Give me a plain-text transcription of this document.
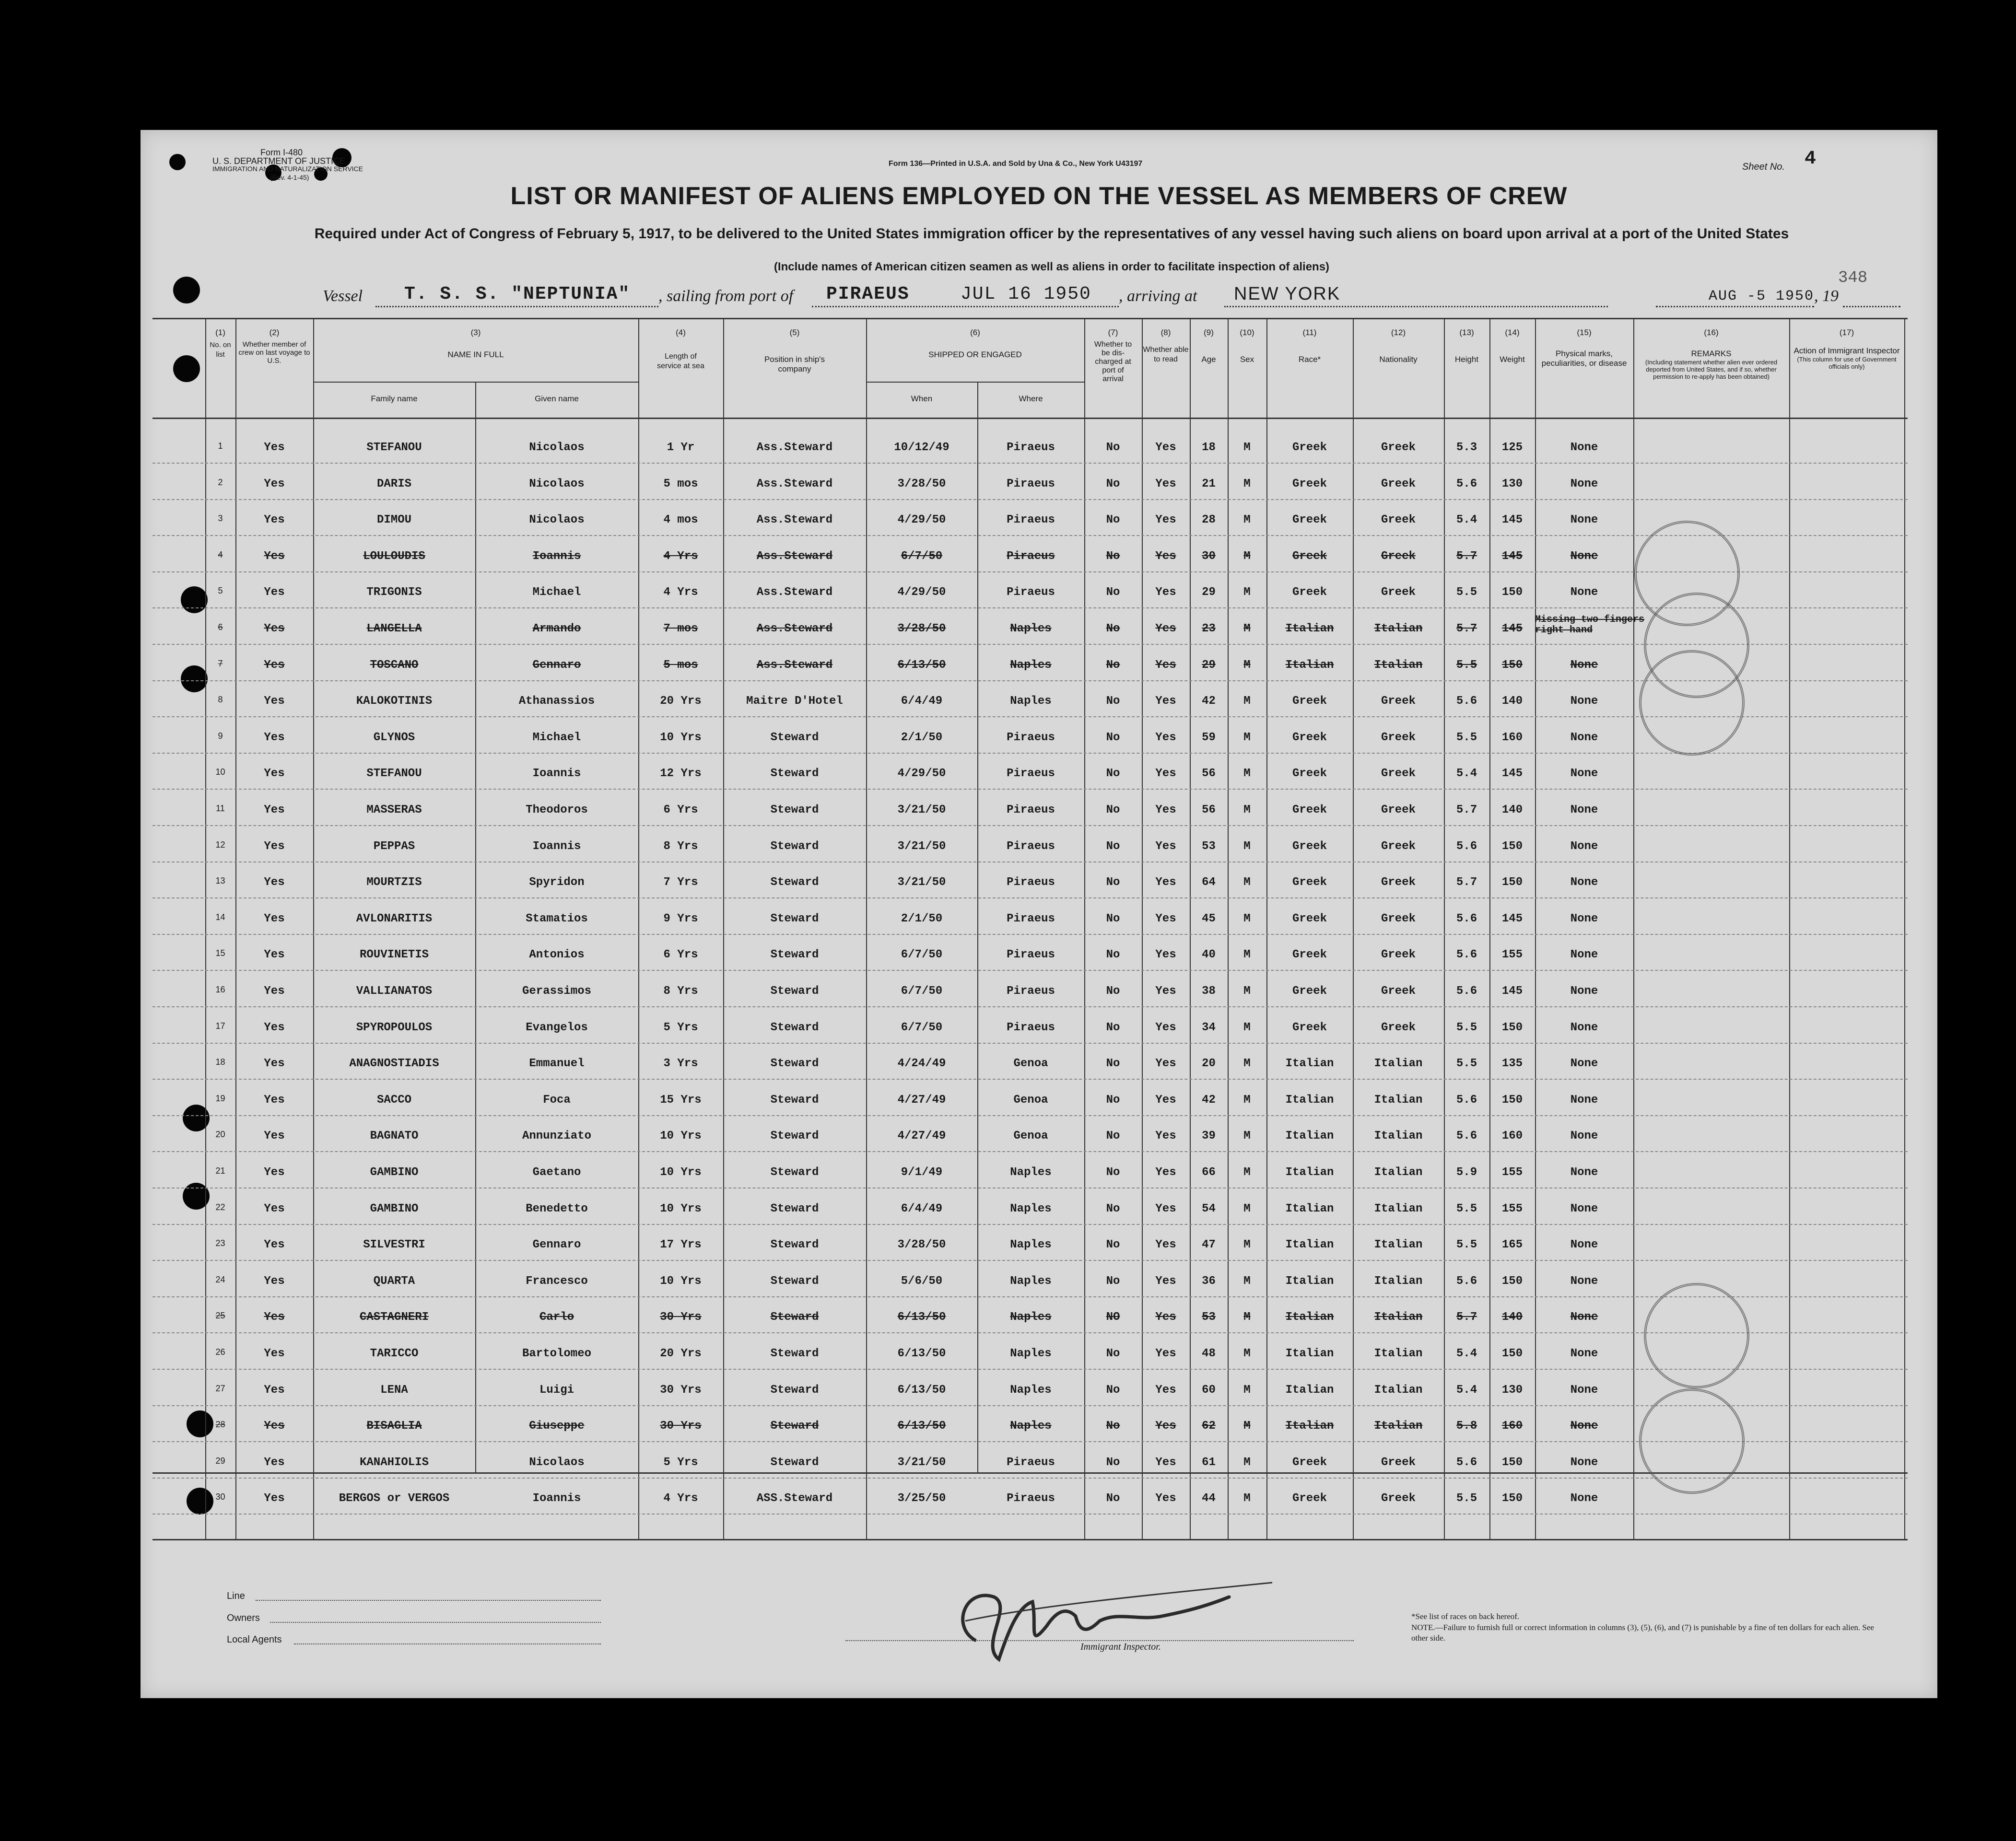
Form I-480
U. S. DEPARTMENT OF JUSTICE
IMMIGRATION AND NATURALIZATION SERVICE
(Rev. 4-1-45)
Form 136—Printed in U.S.A. and Sold by Una & Co., New York U43197	Sheet No. 4
348
LIST OR MANIFEST OF ALIENS EMPLOYED ON THE VESSEL AS MEMBERS OF CREW
Required under Act of Congress of February 5, 1917, to be delivered to the United States immigration officer by the representatives of any vessel having such aliens on board upon arrival at a port of the United States
(Include names of American citizen seamen as well as aliens in order to facilitate inspection of aliens)
Vessel T. S. S. "NEPTUNIA" , sailing from port of PIRAEUS	JUL 16 1950 , arriving at NEW YORK	AUG -5 1950 , 19
(1)
No. on list
(2)
Whether member of crew on last voyage to U.S.
(3)
NAME IN FULL
Family name	Given name
(4)
Length of service at sea
(5)
Position in ship's company
(6)
SHIPPED OR ENGAGED
When	Where
(7)
Whether to be dis-charged at port of arrival
(8)
Whether able to read
(9)
Age
(10)
Sex
(11)
Race*
(12)
Nationality
(13)
Height
(14)
Weight
(15)
Physical marks, peculiarities, or disease
(16)
REMARKS
(Including statement whether alien ever ordered deported from United States, and if so, whether permission to re-apply has been obtained)
(17)
Action of Immigrant Inspector
(This column for use of Government officials only)
1	Yes	STEFANOU	Nicolaos	1 Yr	Ass.Steward	10/12/49	Piraeus	No	Yes	18	M	Greek	Greek	5.3	125	None
2	Yes	DARIS	Nicolaos	5 mos	Ass.Steward	3/28/50	Piraeus	No	Yes	21	M	Greek	Greek	5.6	130	None
3	Yes	DIMOU	Nicolaos	4 mos	Ass.Steward	4/29/50	Piraeus	No	Yes	28	M	Greek	Greek	5.4	145	None
4	Yes	LOULOUDIS	Ioannis	4 Yrs	Ass.Steward	6/7/50	Piraeus	No	Yes	30	M	Greek	Greek	5.7	145	None
5	Yes	TRIGONIS	Michael	4 Yrs	Ass.Steward	4/29/50	Piraeus	No	Yes	29	M	Greek	Greek	5.5	150	None
6	Yes	LANGELLA	Armando	7 mos	Ass.Steward	3/28/50	Naples	No	Yes	23	M	Italian	Italian	5.7	145
Missing two fingers right hand
7	Yes	TOSCANO	Gennaro	5 mos	Ass.Steward	6/13/50	Naples	No	Yes	29	M	Italian	Italian	5.5	150	None
8	Yes	KALOKOTINIS	Athanassios	20 Yrs	Maitre D'Hotel	6/4/49	Naples	No	Yes	42	M	Greek	Greek	5.6	140	None
9	Yes	GLYNOS	Michael	10 Yrs	Steward	2/1/50	Piraeus	No	Yes	59	M	Greek	Greek	5.5	160	None
10	Yes	STEFANOU	Ioannis	12 Yrs	Steward	4/29/50	Piraeus	No	Yes	56	M	Greek	Greek	5.4	145	None
11	Yes	MASSERAS	Theodoros	6 Yrs	Steward	3/21/50	Piraeus	No	Yes	56	M	Greek	Greek	5.7	140	None
12	Yes	PEPPAS	Ioannis	8 Yrs	Steward	3/21/50	Piraeus	No	Yes	53	M	Greek	Greek	5.6	150	None
13	Yes	MOURTZIS	Spyridon	7 Yrs	Steward	3/21/50	Piraeus	No	Yes	64	M	Greek	Greek	5.7	150	None
14	Yes	AVLONARITIS	Stamatios	9 Yrs	Steward	2/1/50	Piraeus	No	Yes	45	M	Greek	Greek	5.6	145	None
15	Yes	ROUVINETIS	Antonios	6 Yrs	Steward	6/7/50	Piraeus	No	Yes	40	M	Greek	Greek	5.6	155	None
16	Yes	VALLIANATOS	Gerassimos	8 Yrs	Steward	6/7/50	Piraeus	No	Yes	38	M	Greek	Greek	5.6	145	None
17	Yes	SPYROPOULOS	Evangelos	5 Yrs	Steward	6/7/50	Piraeus	No	Yes	34	M	Greek	Greek	5.5	150	None
18	Yes	ANAGNOSTIADIS	Emmanuel	3 Yrs	Steward	4/24/49	Genoa	No	Yes	20	M	Italian	Italian	5.5	135	None
19	Yes	SACCO	Foca	15 Yrs	Steward	4/27/49	Genoa	No	Yes	42	M	Italian	Italian	5.6	150	None
20	Yes	BAGNATO	Annunziato	10 Yrs	Steward	4/27/49	Genoa	No	Yes	39	M	Italian	Italian	5.6	160	None
21	Yes	GAMBINO	Gaetano	10 Yrs	Steward	9/1/49	Naples	No	Yes	66	M	Italian	Italian	5.9	155	None
22	Yes	GAMBINO	Benedetto	10 Yrs	Steward	6/4/49	Naples	No	Yes	54	M	Italian	Italian	5.5	155	None
23	Yes	SILVESTRI	Gennaro	17 Yrs	Steward	3/28/50	Naples	No	Yes	47	M	Italian	Italian	5.5	165	None
24	Yes	QUARTA	Francesco	10 Yrs	Steward	5/6/50	Naples	No	Yes	36	M	Italian	Italian	5.6	150	None
25	Yes	CASTAGNERI	Carlo	30 Yrs	Steward	6/13/50	Naples	NO	Yes	53	M	Italian	Italian	5.7	140	None
26	Yes	TARICCO	Bartolomeo	20 Yrs	Steward	6/13/50	Naples	No	Yes	48	M	Italian	Italian	5.4	150	None
27	Yes	LENA	Luigi	30 Yrs	Steward	6/13/50	Naples	No	Yes	60	M	Italian	Italian	5.4	130	None
28	Yes	BISAGLIA	Giuseppe	30 Yrs	Steward	6/13/50	Naples	No	Yes	62	M	Italian	Italian	5.8	160	None
29	Yes	KANAHIOLIS	Nicolaos	5 Yrs	Steward	3/21/50	Piraeus	No	Yes	61	M	Greek	Greek	5.6	150	None
30	Yes	BERGOS or VERGOS	Ioannis	4 Yrs	ASS.Steward	3/25/50	Piraeus	No	Yes	44	M	Greek	Greek	5.5	150	None
Line
Owners
Local Agents
Immigrant Inspector.
*See list of races on back hereof.
NOTE.—Failure to furnish full or correct information in columns (3), (5), (6), and (7) is punishable by a fine of ten dollars for each alien. See other side.
